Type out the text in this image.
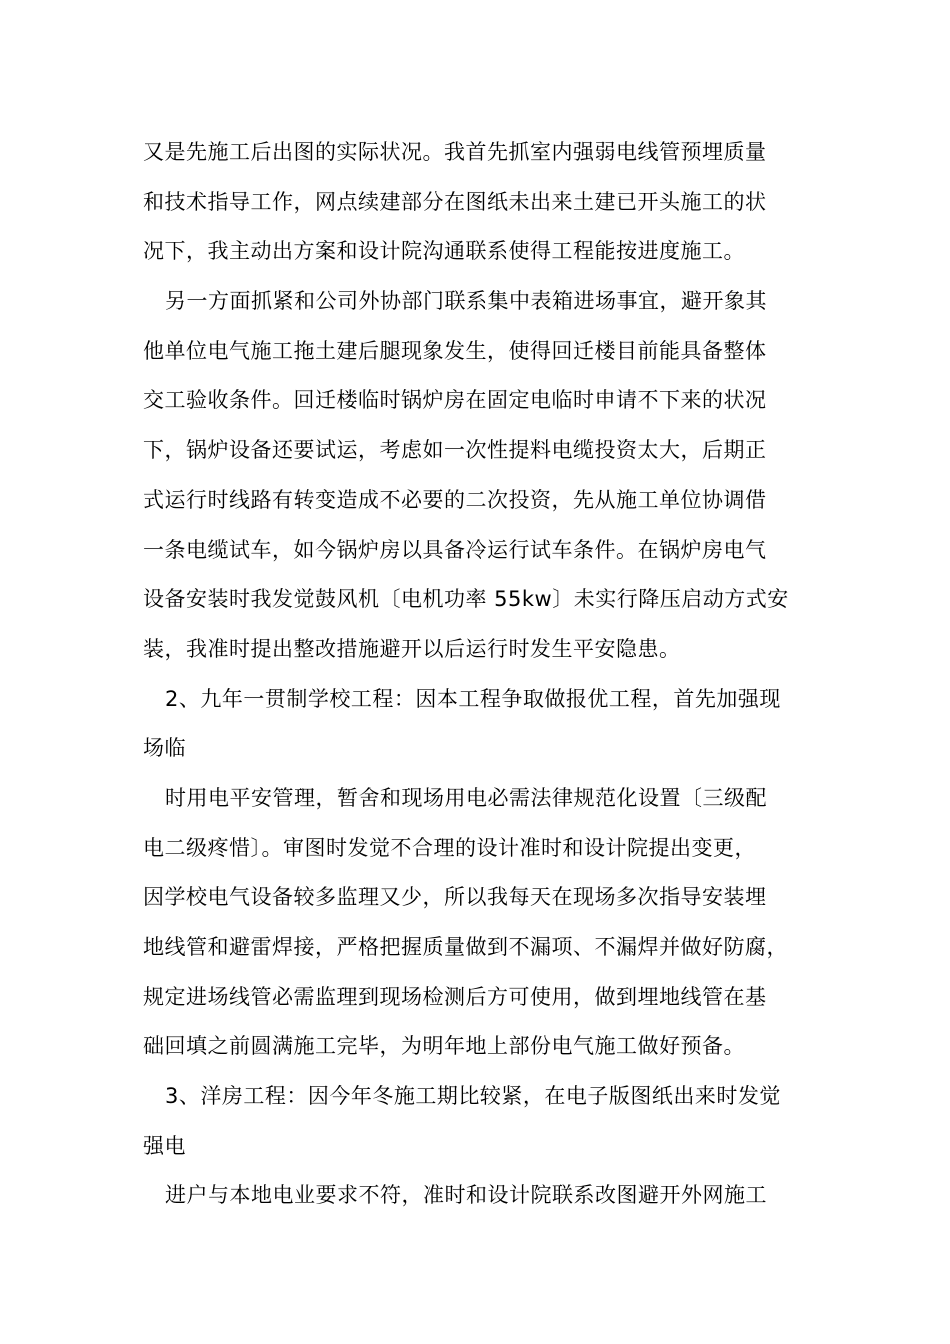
又是先施工后出图的实际状况。我首先抓室内强弱电线管预埋质量
和技术指导工作，网点续建部分在图纸未出来土建已开头施工的状
况下，我主动出方案和设计院沟通联系使得工程能按进度施工。
另一方面抓紧和公司外协部门联系集中表箱进场事宜，避开象其
他单位电气施工拖土建后腿现象发生，使得回迁楼目前能具备整体
交工验收条件。回迁楼临时锅炉房在固定电临时申请不下来的状况
下，锅炉设备还要试运，考虑如一次性提料电缆投资太大，后期正
式运行时线路有转变造成不必要的二次投资，先从施工单位协调借
一条电缆试车，如今锅炉房以具备冷运行试车条件。在锅炉房电气
设备安装时我发觉鼓风机〔电机功率 55kw〕未实行降压启动方式安
装，我准时提出整改措施避开以后运行时发生平安隐患。
2、九年一贯制学校工程：因本工程争取做报优工程，首先加强现
场临
时用电平安管理，暂舍和现场用电必需法律规范化设置〔三级配
电二级疼惜〕。审图时发觉不合理的设计准时和设计院提出变更，
因学校电气设备较多监理又少，所以我每天在现场多次指导安装埋
地线管和避雷焊接，严格把握质量做到不漏项、不漏焊并做好防腐，
规定进场线管必需监理到现场检测后方可使用，做到埋地线管在基
础回填之前圆满施工完毕，为明年地上部份电气施工做好预备。
3、洋房工程：因今年冬施工期比较紧，在电子版图纸出来时发觉
强电
进户与本地电业要求不符，准时和设计院联系改图避开外网施工
